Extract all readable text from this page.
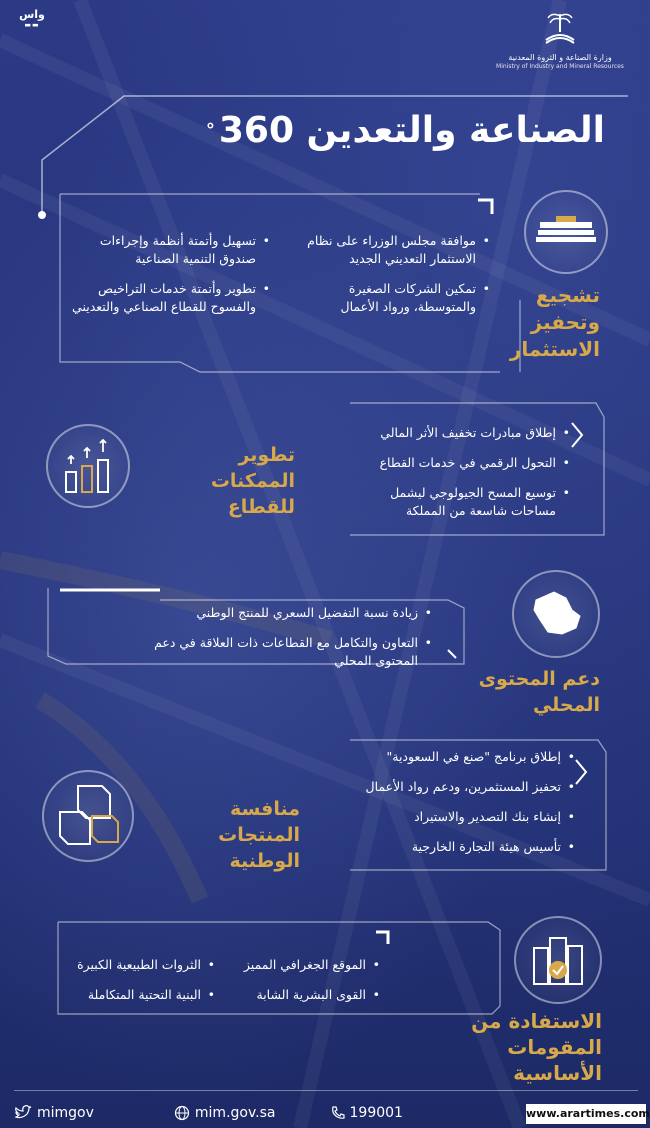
واس
▬▬
وزارة الصناعة و الثروة المعدنية
Ministry of Industry and Mineral Resources
الصناعة والتعدين 360°
تشجيع
وتحفيز
الاستثمار
• موافقة مجلس الوزراء على نظام الاستثمار التعديني الجديد
• تمكين الشركات الصغيرة والمتوسطة، ورواد الأعمال
• تسهيل وأتمتة أنظمة وإجراءات صندوق التنمية الصناعية
• تطوير وأتمتة خدمات التراخيص والفسوح للقطاع الصناعي والتعديني
تطوير الممكنات
للقطاع
• إطلاق مبادرات تخفيف الأثر المالي
• التحول الرقمي في خدمات القطاع
• توسيع المسح الجيولوجي ليشمل مساحات شاسعة من المملكة
دعم المحتوى
المحلي
• زيادة نسبة التفضيل السعري للمنتج الوطني
• التعاون والتكامل مع القطاعات ذات العلاقة في دعم المحتوى المحلي
منافسة
المنتجات الوطنية
• إطلاق برنامج "صنع في السعودية"
• تحفيز المستثمرين، ودعم رواد الأعمال
• إنشاء بنك التصدير والاستيراد
• تأسيس هيئة التجارة الخارجية
الاستفادة من
المقومات الأساسية
• الموقع الجغرافي المميز
• القوى البشرية الشابة
• الثروات الطبيعية الكبيرة
• البنية التحتية المتكاملة
mimgov	mim.gov.sa	199001	www.arartimes.com
